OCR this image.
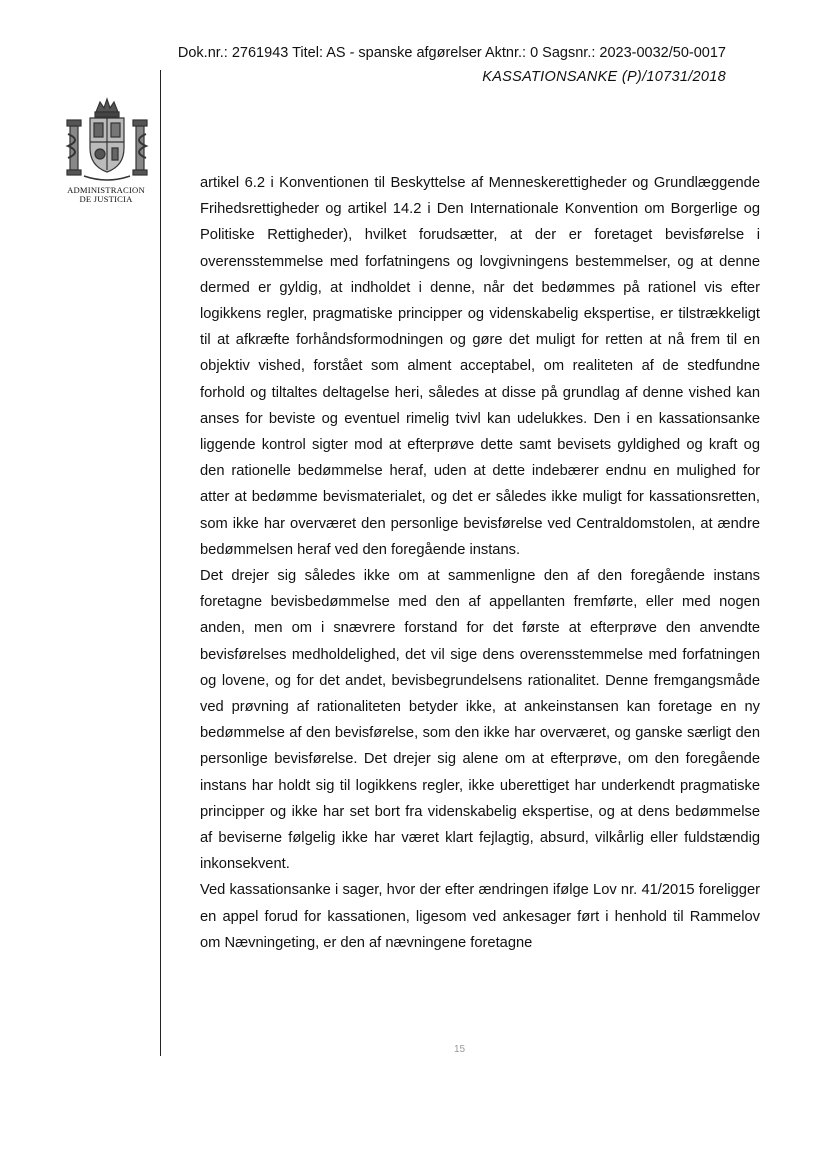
Dok.nr.: 2761943 Titel: AS - spanske afgørelser Aktnr.: 0 Sagsnr.: 2023-0032/50-0017
KASSATIONSANKE (P)/10731/2018
ADMINISTRACION
DE JUSTICIA

artikel 6.2 i Konventionen til Beskyttelse af Menneskerettigheder og Grundlæggende Frihedsrettigheder og artikel 14.2 i Den Internationale Konvention om Borgerlige og Politiske Rettigheder), hvilket forudsætter, at der er foretaget bevisførelse i overensstemmelse med forfatningens og lovgivningens bestemmelser, og at denne dermed er gyldig, at indholdet i denne, når det bedømmes på rationel vis efter logikkens regler, pragmatiske principper og videnskabelig ekspertise, er tilstrækkeligt til at afkræfte forhåndsformodningen og gøre det muligt for retten at nå frem til en objektiv vished, forstået som alment acceptabel, om realiteten af de stedfundne forhold og tiltaltes deltagelse heri, således at disse på grundlag af denne vished kan anses for beviste og eventuel rimelig tvivl kan udelukkes. Den i en kassationsanke liggende kontrol sigter mod at efterprøve dette samt bevisets gyldighed og kraft og den rationelle bedømmelse heraf, uden at dette indebærer endnu en mulighed for atter at bedømme bevismaterialet, og det er således ikke muligt for kassationsretten, som ikke har overværet den personlige bevisførelse ved Centraldomstolen, at ændre bedømmelsen heraf ved den foregående instans.

Det drejer sig således ikke om at sammenligne den af den foregående instans foretagne bevisbedømmelse med den af appellanten fremførte, eller med nogen anden, men om i snævrere forstand for det første at efterprøve den anvendte bevisførelses medholdelighed, det vil sige dens overensstemmelse med forfatningen og lovene, og for det andet, bevisbegrundelsens rationalitet. Denne fremgangsmåde ved prøvning af rationaliteten betyder ikke, at ankeinstansen kan foretage en ny bedømmelse af den bevisførelse, som den ikke har overværet, og ganske særligt den personlige bevisførelse. Det drejer sig alene om at efterprøve, om den foregående instans har holdt sig til logikkens regler, ikke uberettiget har underkendt pragmatiske principper og ikke har set bort fra videnskabelig ekspertise, og at dens bedømmelse af beviserne følgelig ikke har været klart fejlagtig, absurd, vilkårlig eller fuldstændig inkonsekvent.

Ved kassationsanke i sager, hvor der efter ændringen ifølge Lov nr. 41/2015 foreligger en appel forud for kassationen, ligesom ved ankesager ført i henhold til Rammelov om Nævningeting, er den af nævningene foretagne

15
